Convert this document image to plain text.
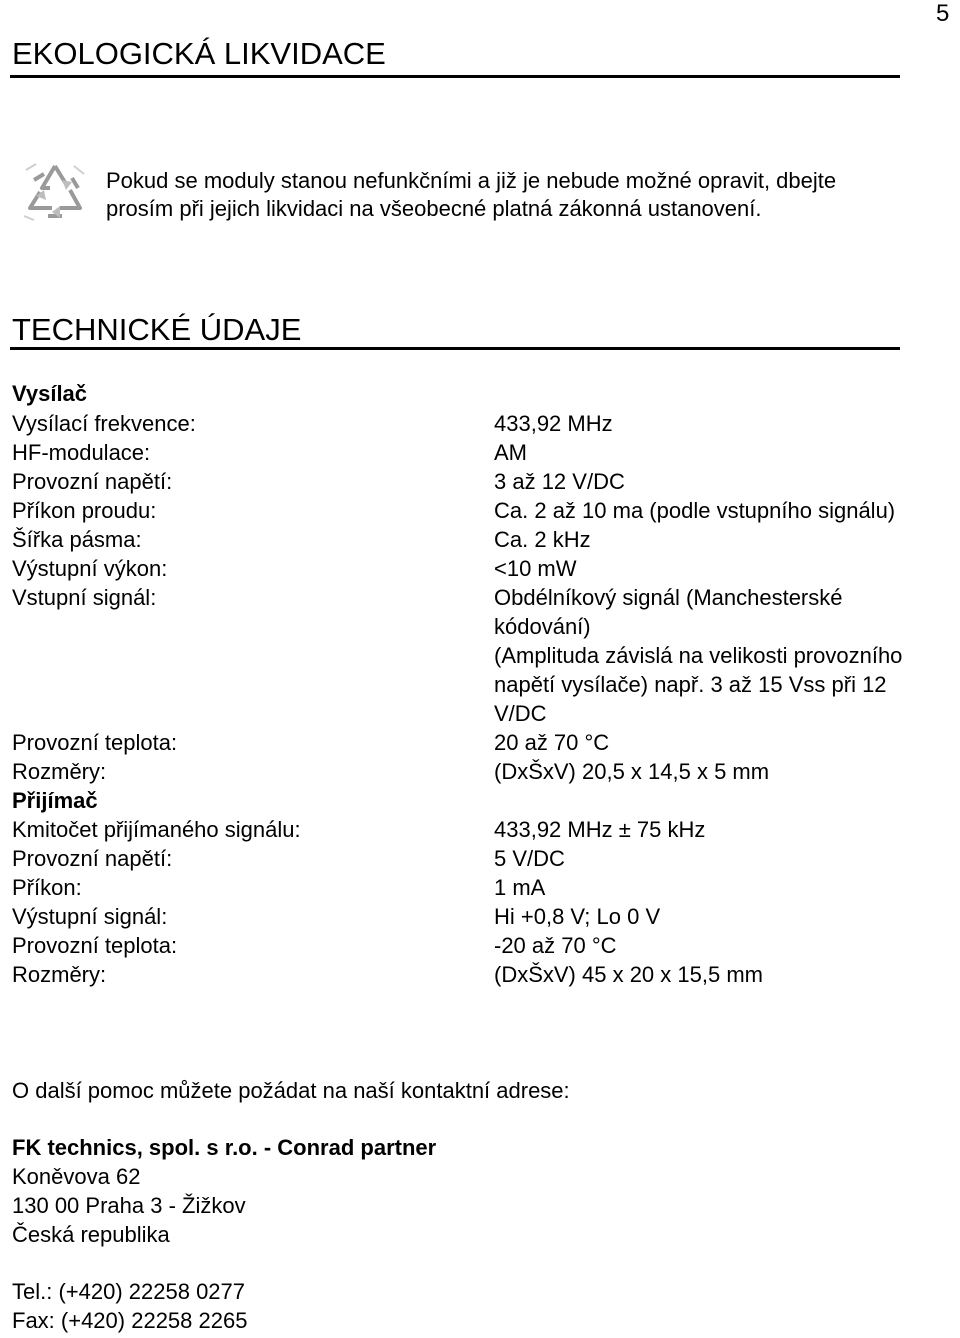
5
EKOLOGICKÁ LIKVIDACE
Pokud se moduly stanou nefunkčními a již je nebude možné opravit, dbejte
prosím při jejich likvidaci na všeobecné platná zákonná ustanovení.
TECHNICKÉ ÚDAJE
Vysílač
Vysílací frekvence:	433,92 MHz
HF-modulace:	AM
Provozní napětí:	3 až 12 V/DC
Příkon proudu:	Ca. 2 až 10 ma (podle vstupního signálu)
Šířka pásma:	Ca. 2 kHz
Výstupní výkon:	<10 mW
Vstupní signál:	Obdélníkový signál (Manchesterské
kódování)
(Amplituda závislá na velikosti provozního
napětí vysílače) např. 3 až 15 Vss při 12
V/DC
Provozní teplota:	20 až 70 °C
Rozměry:	(DxŠxV) 20,5 x 14,5 x 5 mm
Přijímač
Kmitočet přijímaného signálu:	433,92 MHz ± 75 kHz
Provozní napětí:	5 V/DC
Příkon:	1 mA
Výstupní signál:	Hi +0,8 V; Lo 0 V
Provozní teplota:	-20 až 70 °C
Rozměry:	(DxŠxV) 45 x 20 x 15,5 mm
O další pomoc můžete požádat na naší kontaktní adrese:
FK technics, spol. s r.o. - Conrad partner
Koněvova 62
130 00 Praha 3 - Žižkov
Česká republika
Tel.: (+420) 22258 0277
Fax: (+420) 22258 2265
